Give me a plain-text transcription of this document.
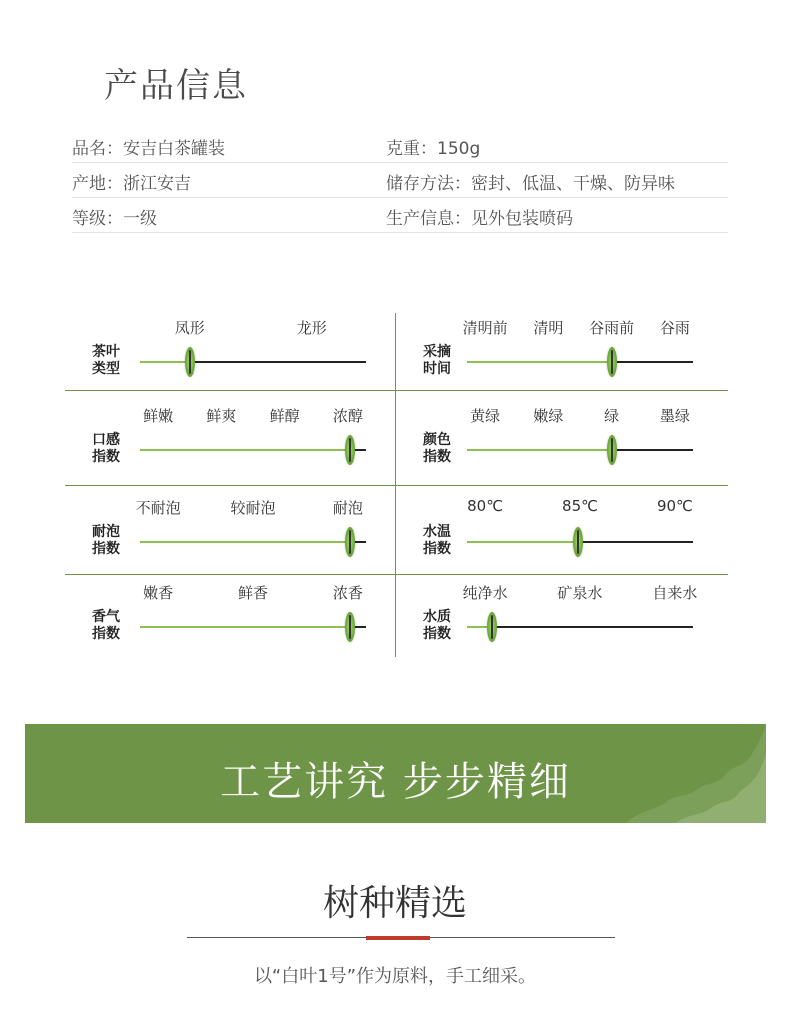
产品信息
品名：安吉白茶罐装	克重：150g
产地：浙江安吉	储存方法：密封、低温、干燥、防异味
等级：一级	生产信息：见外包装喷码
茶叶类型
凤形	龙形
采摘时间
清明前 清明 谷雨前 谷雨
口感指数
鲜嫩 鲜爽 鲜醇 浓醇
颜色指数
黄绿 嫩绿	绿	墨绿
耐泡指数
不耐泡	较耐泡	耐泡
水温指数
80℃	85℃	90℃
香气指数
嫩香	鲜香	浓香
水质指数
纯净水	矿泉水	自来水
工艺讲究 步步精细
树种精选
以“白叶1号”作为原料，手工细采。
